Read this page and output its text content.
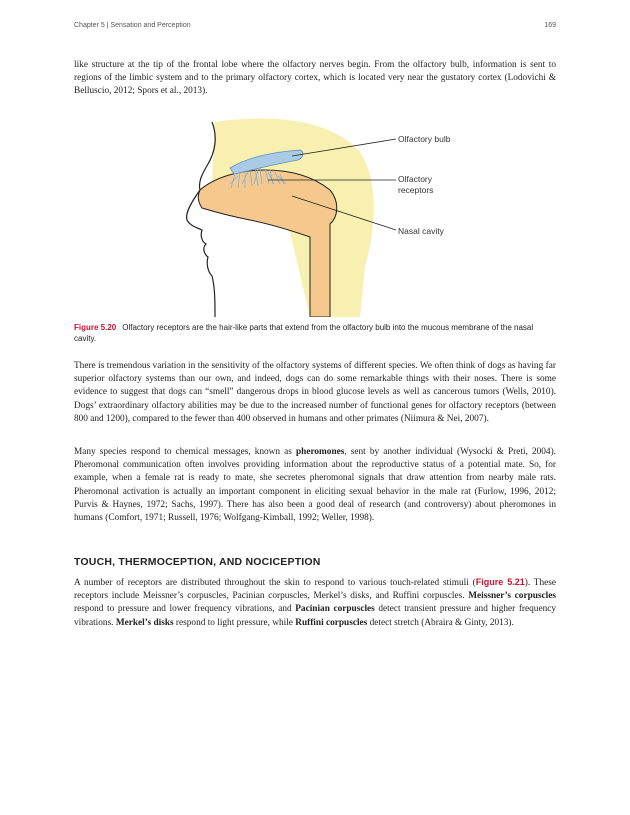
Chapter 5 | Sensation and Perception	169

like structure at the tip of the frontal lobe where the olfactory nerves begin. From the olfactory bulb, information is sent to regions of the limbic system and to the primary olfactory cortex, which is located very near the gustatory cortex (Lodovichi & Belluscio, 2012; Spors et al., 2013).

Olfactory bulb
Olfactory
receptors
Nasal cavity

Figure 5.20 Olfactory receptors are the hair-like parts that extend from the olfactory bulb into the mucous membrane of the nasal cavity.

There is tremendous variation in the sensitivity of the olfactory systems of different species. We often think of dogs as having far superior olfactory systems than our own, and indeed, dogs can do some remarkable things with their noses. There is some evidence to suggest that dogs can “smell” dangerous drops in blood glucose levels as well as cancerous tumors (Wells, 2010). Dogs’ extraordinary olfactory abilities may be due to the increased number of functional genes for olfactory receptors (between 800 and 1200), compared to the fewer than 400 observed in humans and other primates (Niimura & Nei, 2007).

Many species respond to chemical messages, known as pheromones, sent by another individual (Wysocki & Preti, 2004). Pheromonal communication often involves providing information about the reproductive status of a potential mate. So, for example, when a female rat is ready to mate, she secretes pheromonal signals that draw attention from nearby male rats. Pheromonal activation is actually an important component in eliciting sexual behavior in the male rat (Furlow, 1996, 2012; Purvis & Haynes, 1972; Sachs, 1997). There has also been a good deal of research (and controversy) about pheromones in humans (Comfort, 1971; Russell, 1976; Wolfgang-Kimball, 1992; Weller, 1998).

TOUCH, THERMOCEPTION, AND NOCICEPTION

A number of receptors are distributed throughout the skin to respond to various touch-related stimuli (Figure 5.21). These receptors include Meissner’s corpuscles, Pacinian corpuscles, Merkel’s disks, and Ruffini corpuscles. Meissner’s corpuscles respond to pressure and lower frequency vibrations, and Pacinian corpuscles detect transient pressure and higher frequency vibrations. Merkel’s disks respond to light pressure, while Ruffini corpuscles detect stretch (Abraira & Ginty, 2013).
